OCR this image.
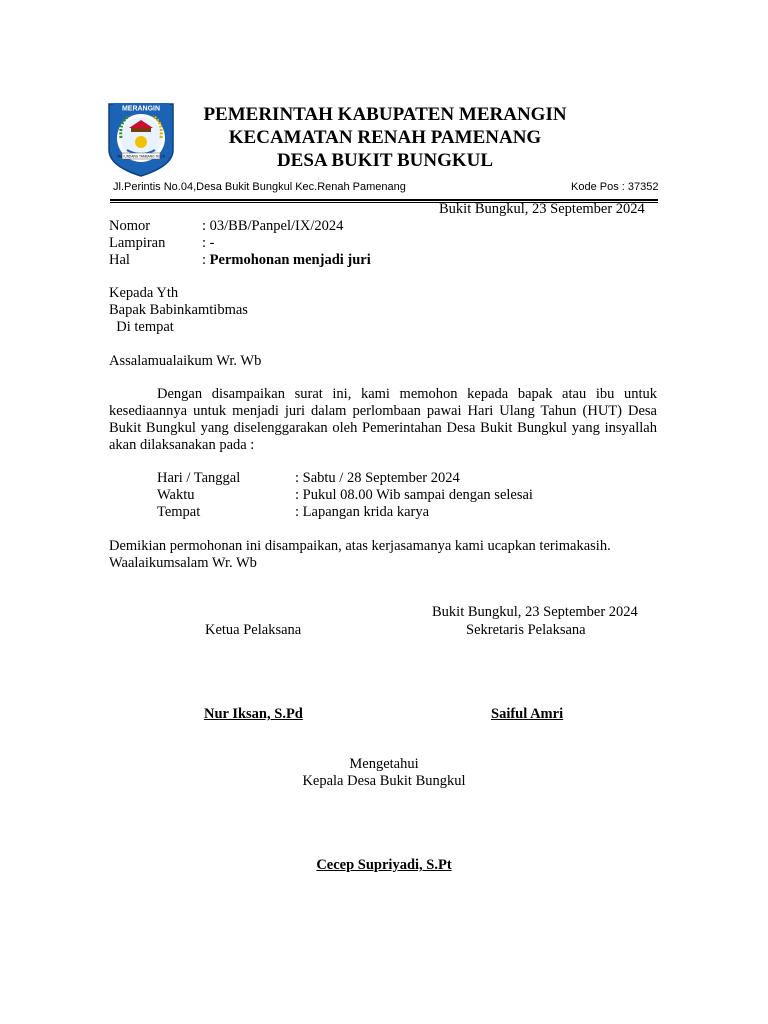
MERANGIN
TALI UNDANG TAMBANG TELITI
PEMERINTAH KABUPATEN MERANGIN
KECAMATAN RENAH PAMENANG
DESA BUKIT BUNGKUL
Jl.Perintis No.04,Desa Bukit Bungkul Kec.Renah Pamenang	Kode Pos : 37352
Bukit Bungkul, 23 September 2024
Nomor	: 03/BB/Panpel/IX/2024
Lampiran	: -
Hal	: Permohonan menjadi juri
Kepada Yth
Bapak Babinkamtibmas
Di tempat
Assalamualaikum Wr. Wb
Dengan disampaikan surat ini, kami memohon kepada bapak atau ibu untuk kesediaannya untuk menjadi juri dalam perlombaan pawai Hari Ulang Tahun (HUT) Desa Bukit Bungkul yang diselenggarakan oleh Pemerintahan Desa Bukit Bungkul yang insyallah akan dilaksanakan pada :
Hari / Tanggal	: Sabtu / 28 September 2024
Waktu	: Pukul 08.00 Wib sampai dengan selesai
Tempat	: Lapangan krida karya
Demikian permohonan ini disampaikan, atas kerjasamanya kami ucapkan terimakasih.
Waalaikumsalam Wr. Wb
Bukit Bungkul, 23 September 2024
Ketua Pelaksana	Sekretaris Pelaksana
Nur Iksan, S.Pd	Saiful Amri
Mengetahui
Kepala Desa Bukit Bungkul
Cecep Supriyadi, S.Pt
